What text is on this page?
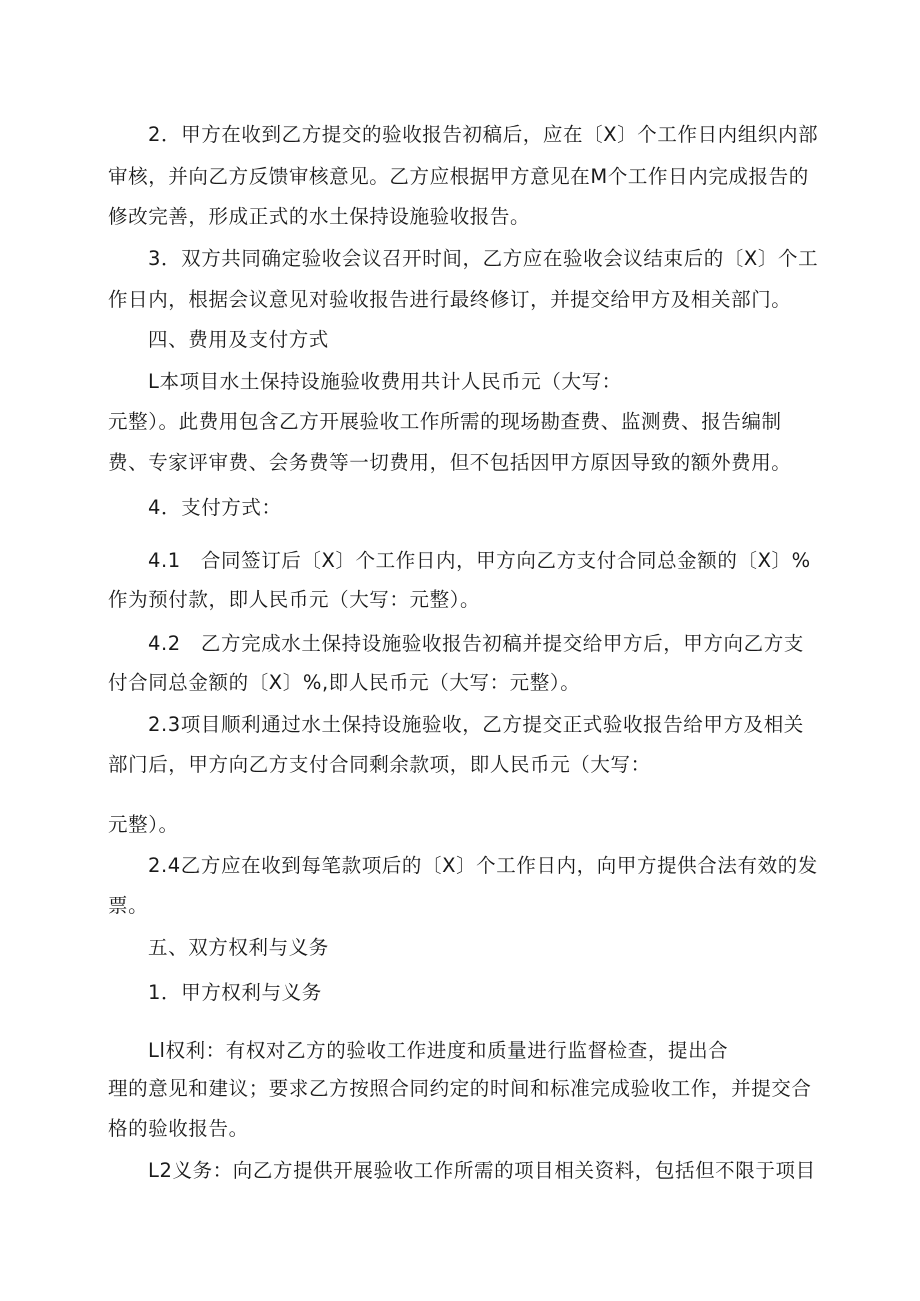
2．甲方在收到乙方提交的验收报告初稿后，应在〔X〕个工作日内组织内部
审核，并向乙方反馈审核意见。乙方应根据甲方意见在M个工作日内完成报告的
修改完善，形成正式的水土保持设施验收报告。
3．双方共同确定验收会议召开时间，乙方应在验收会议结束后的〔X〕个工
作日内，根据会议意见对验收报告进行最终修订，并提交给甲方及相关部门。
四、费用及支付方式
L本项目水土保持设施验收费用共计人民币元（大写：
元整）。此费用包含乙方开展验收工作所需的现场勘查费、监测费、报告编制
费、专家评审费、会务费等一切费用，但不包括因甲方原因导致的额外费用。
4．支付方式：
4.1　合同签订后〔X〕个工作日内，甲方向乙方支付合同总金额的〔X〕%
作为预付款，即人民币元（大写：元整）。
4.2　乙方完成水土保持设施验收报告初稿并提交给甲方后，甲方向乙方支
付合同总金额的〔X〕%,即人民币元（大写：元整）。
2.3项目顺利通过水土保持设施验收，乙方提交正式验收报告给甲方及相关
部门后，甲方向乙方支付合同剩余款项，即人民币元（大写：
元整）。
2.4乙方应在收到每笔款项后的〔X〕个工作日内，向甲方提供合法有效的发
票。
五、双方权利与义务
1．甲方权利与义务
Ll权利：有权对乙方的验收工作进度和质量进行监督检查，提出合
理的意见和建议；要求乙方按照合同约定的时间和标准完成验收工作，并提交合
格的验收报告。
L2义务：向乙方提供开展验收工作所需的项目相关资料，包括但不限于项目
